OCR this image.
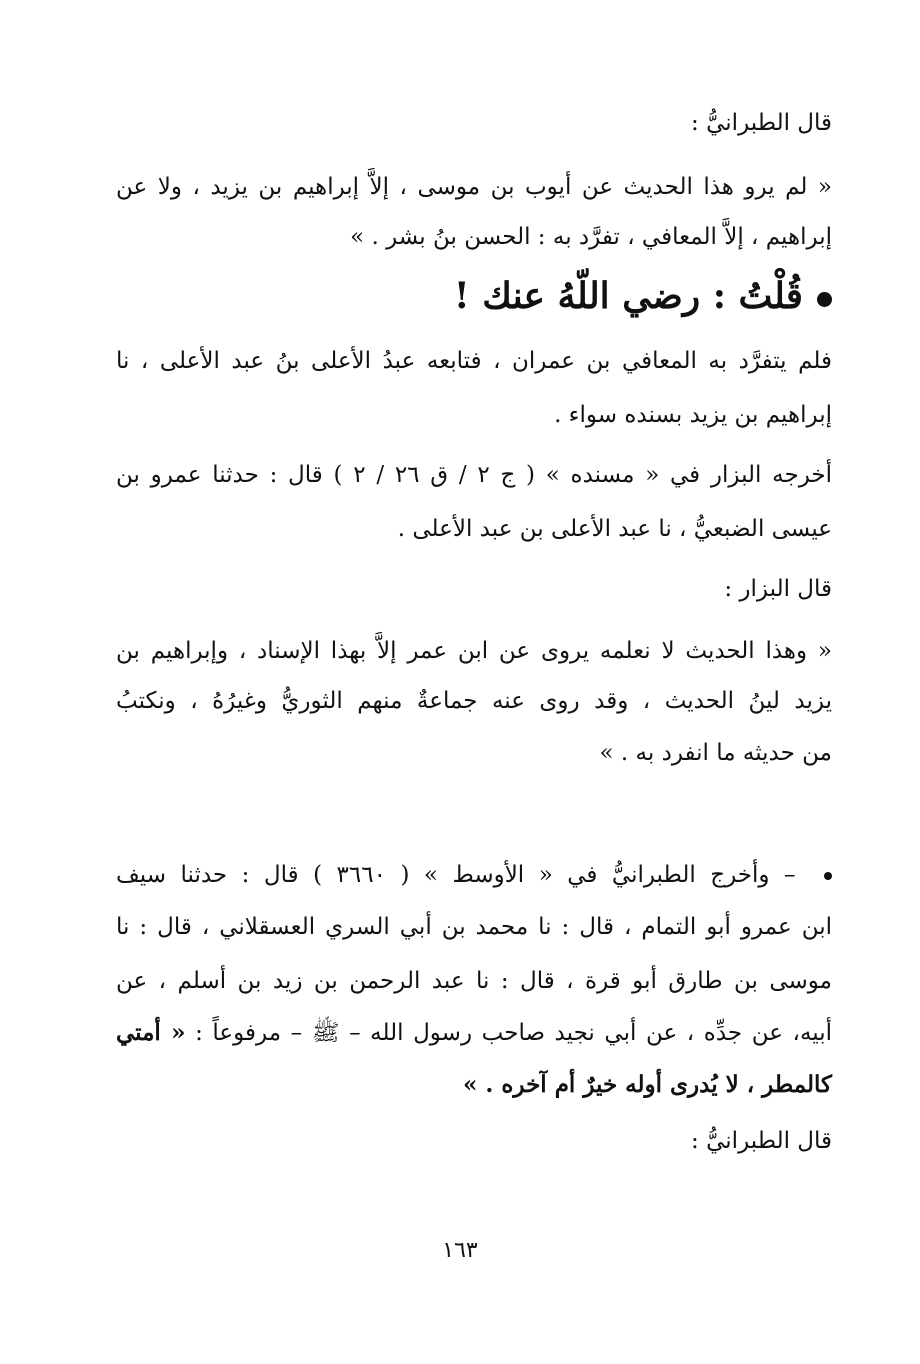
قال الطبرانيُّ :
« لم يرو هذا الحديث عن أيوب بن موسى ، إلاَّ إبراهيم بن يزيد ، ولا عن
إبراهيم ، إلاَّ المعافي ، تفرَّد به : الحسن بنُ بشر . »
قُلْتُ : رضي اللّهُ عنك !
فلم يتفرَّد به المعافي بن عمران ، فتابعه عبدُ الأعلى بنُ عبد الأعلى ، نا
إبراهيم بن يزيد بسنده سواء .
أخرجه البزار في « مسنده » ( ج ٢ / ق ٢٦ / ٢ ) قال : حدثنا عمرو بن
عيسى الضبعيُّ ، نا عبد الأعلى بن عبد الأعلى .
قال البزار :
« وهذا الحديث لا نعلمه يروى عن ابن عمر إلاَّ بهذا الإسناد ، وإبراهيم بن
يزيد لينُ الحديث ، وقد روى عنه جماعةٌ منهم الثوريُّ وغيرُهُ ، ونكتبُ
من حديثه ما انفرد به . »
– وأخرج الطبرانيُّ في « الأوسط » ( ٣٦٦٠ ) قال : حدثنا سيف
ابن عمرو أبو التمام ، قال : نا محمد بن أبي السري العسقلاني ، قال : نا
موسى بن طارق أبو قرة ، قال : نا عبد الرحمن بن زيد بن أسلم ، عن
أبيه، عن جدِّه ، عن أبي نجيد صاحب رسول الله – ﷺ – مرفوعاً : « أمتي
كالمطر ، لا يُدرى أوله خيرٌ أم آخره . »
قال الطبرانيُّ :
١٦٣
